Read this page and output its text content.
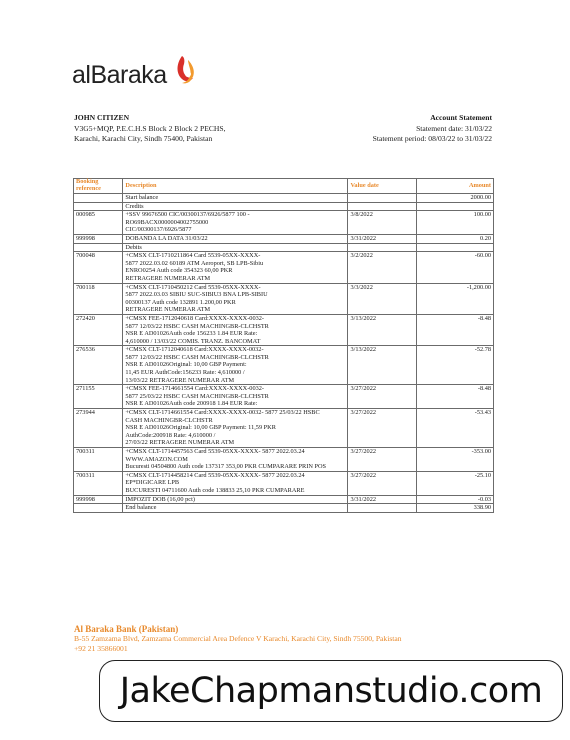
alBaraka
JOHN CITIZEN
V3G5+MQP, P.E.C.H.S Block 2 Block 2 PECHS,
Karachi, Karachi City, Sindh 75400, Pakistan
Account Statement
Statement date: 31/03/22
Statement period: 08/03/22 to 31/03/22
Booking reference	Description	Value date	Amount

	Start balance		2000.00

	Credits		

000985	+SSV 99676500 CIC/00300137/6926/5877 100 -
RO69BACX0000004002755000
CIC/00300137/6926/5877	3/8/2022	100.00
999998	DOBANDA LA DATA 31/03/22	3/31/2022	0.20

	Debits		

700048	+CMSX CLT-1710211864 Card 5539-05XX-XXXX-
5877 2022.03.02 60189 ATM Aeroport, SB LPB-Sibiu
ENRO0254 Auth code 354323 60,00 PKR
RETRAGERE NUMERAR ATM	3/2/2022	-60.00
700118	+CMSX CLT-1710450212 Card 5539-05XX-XXXX-
5877 2022.03.03 SIBIU SUC-SIBIU3 BNA LPB-SIBIU
00300137 Auth code 132891 1.200,00 PKR
RETRAGERE NUMERAR ATM	3/3/2022	-1,200.00
272420	+CMSX FEE-1712040618 Card:XXXX-XXXX-0032-
5877 12/03/22 HSBC CASH MACHINGBR-CLCHSTR
NSR E AD01026Auth code 156233 1.84 EUR Rate:
4,610000 / 13/03/22 COMIS. TRANZ. BANCOMAT	3/13/2022	-8.48
276536	+CMSX CLT-1712040618 Card:XXXX-XXXX-0032-
5877 12/03/22 HSBC CASH MACHINGBR-CLCHSTR
NSR E AD01026Original: 10,00 GBP Payment:
11,45 EUR AuthCode:156233 Rate: 4,610000 /
13/03/22 RETRAGERE NUMERAR ATM	3/13/2022	-52.78
271155	+CMSX FEE-1714661554 Card:XXXX-XXXX-0032-
5877 25/03/22 HSBC CASH MACHINGBR-CLCHSTR
NSR E AD01026Auth code 200918 1.84 EUR Rate:	3/27/2022	-8.48
273944	+CMSX CLT-1714661554 Card:XXXX-XXXX-0032- 5877 25/03/22 HSBC
CASH MACHINGBR-CLCHSTR
NSR E AD01026Original: 10,00 GBP Payment: 11,59 PKR
AuthCode:200918 Rate: 4,610000 /
27/03/22 RETRAGERE NUMERAR ATM	3/27/2022	-53.43
700311	+CMSX CLT-1714457563 Card 5539-05XX-XXXX- 5877 2022.03.24
WWW.AMAZON.COM
Bucuresti 04504800 Auth code 137317 353,00 PKR CUMPARARE PRIN POS	3/27/2022	-353.00
700311	+CMSX CLT-1714458214 Card 5539-05XX-XXXX- 5877 2022.03.24
EP*DIGICARE LPB
BUCURESTI 04711600 Auth code 138833 25,10 PKR CUMPARARE	3/27/2022	-25.10
999998	IMPOZIT DOB (16,00 pct)	3/31/2022	-0.03

	End balance		338.90
Al Baraka Bank (Pakistan)
B-55 Zamzama Blvd, Zamzama Commercial Area Defence V Karachi, Karachi City, Sindh 75500, Pakistan
+92 21 35866001
JakeChapmanstudio.com
